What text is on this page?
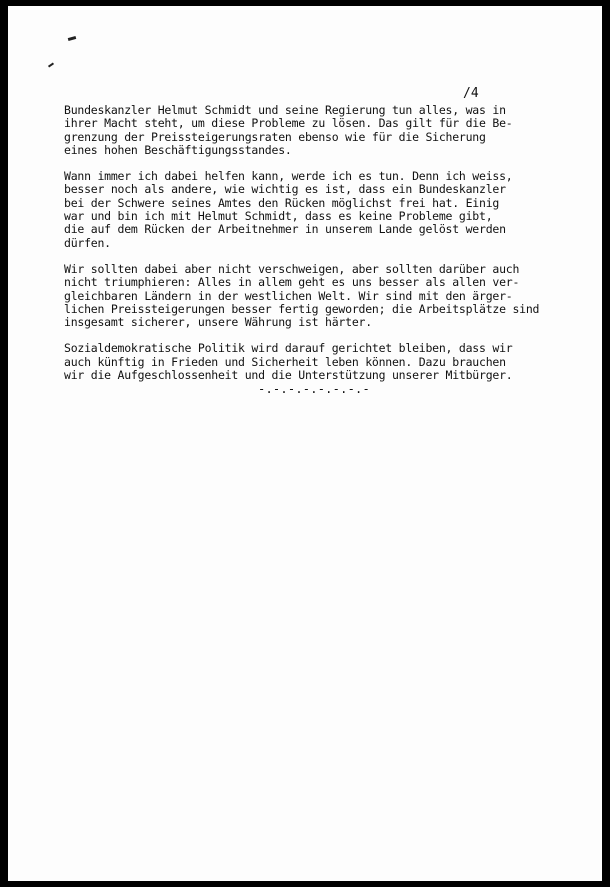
/4

Bundeskanzler Helmut Schmidt und seine Regierung tun alles, was in
ihrer Macht steht, um diese Probleme zu lösen. Das gilt für die Be-
grenzung der Preissteigerungsraten ebenso wie für die Sicherung
eines hohen Beschäftigungsstandes.

Wann immer ich dabei helfen kann, werde ich es tun. Denn ich weiss,
besser noch als andere, wie wichtig es ist, dass ein Bundeskanzler
bei der Schwere seines Amtes den Rücken möglichst frei hat. Einig
war und bin ich mit Helmut Schmidt, dass es keine Probleme gibt,
die auf dem Rücken der Arbeitnehmer in unserem Lande gelöst werden
dürfen.

Wir sollten dabei aber nicht verschweigen, aber sollten darüber auch
nicht triumphieren: Alles in allem geht es uns besser als allen ver-
gleichbaren Ländern in der westlichen Welt. Wir sind mit den ärger-
lichen Preissteigerungen besser fertig geworden; die Arbeitsplätze sind
insgesamt sicherer, unsere Währung ist härter.

Sozialdemokratische Politik wird darauf gerichtet bleiben, dass wir
auch künftig in Frieden und Sicherheit leben können. Dazu brauchen
wir die Aufgeschlossenheit und die Unterstützung unserer Mitbürger.

-.-.-.-.-.-.-.-
